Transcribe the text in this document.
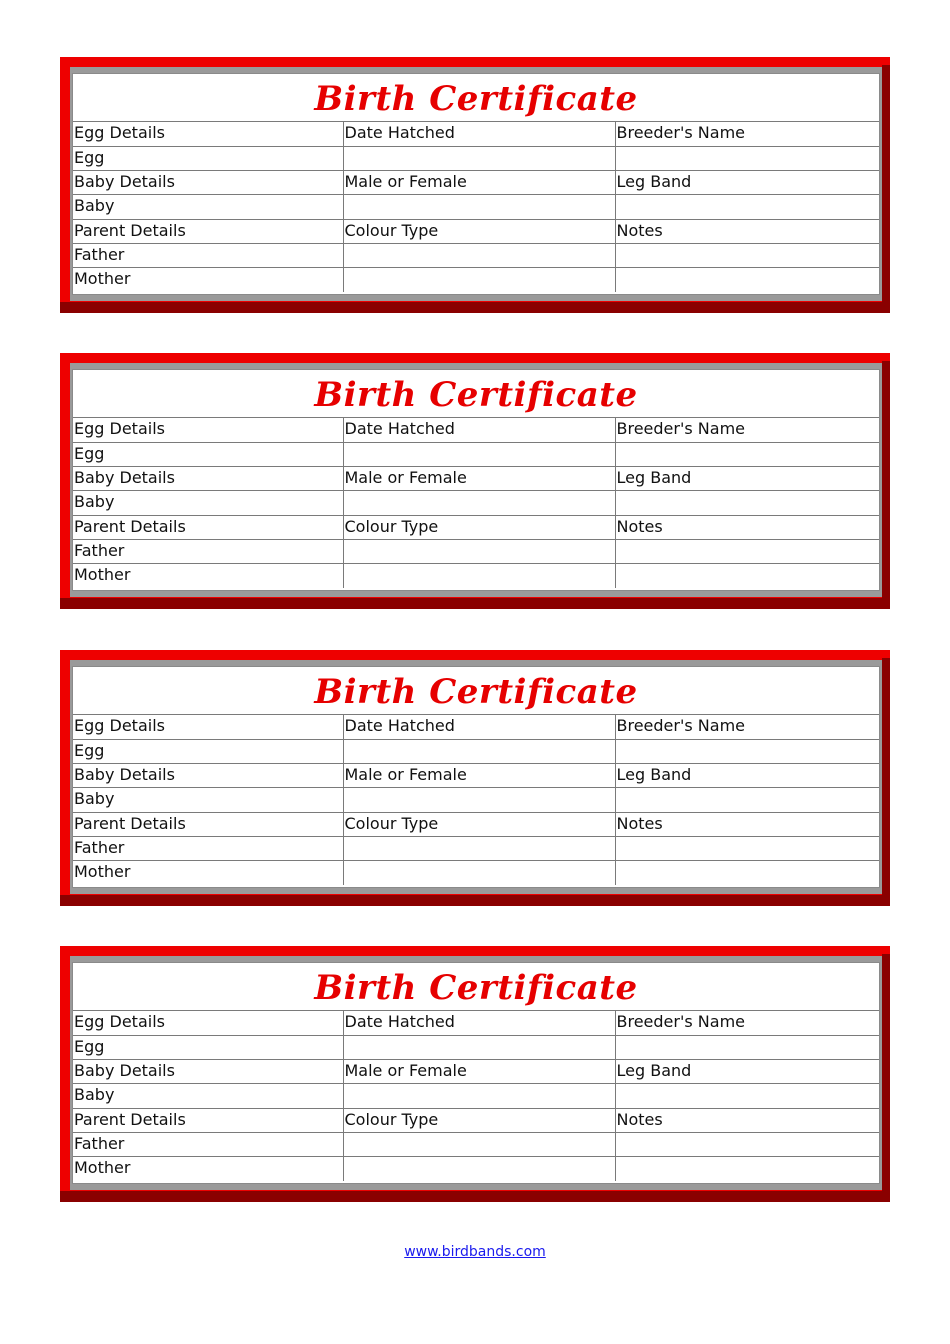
Birth Certificate
Egg Details	Date Hatched	Breeder's Name
Egg		
Baby Details	Male or Female	Leg Band
Baby		
Parent Details	Colour Type	Notes
Father		
Mother		
Birth Certificate
Egg Details	Date Hatched	Breeder's Name
Egg		
Baby Details	Male or Female	Leg Band
Baby		
Parent Details	Colour Type	Notes
Father		
Mother		
Birth Certificate
Egg Details	Date Hatched	Breeder's Name
Egg		
Baby Details	Male or Female	Leg Band
Baby		
Parent Details	Colour Type	Notes
Father		
Mother		
Birth Certificate
Egg Details	Date Hatched	Breeder's Name
Egg		
Baby Details	Male or Female	Leg Band
Baby		
Parent Details	Colour Type	Notes
Father		
Mother		
www.birdbands.com
